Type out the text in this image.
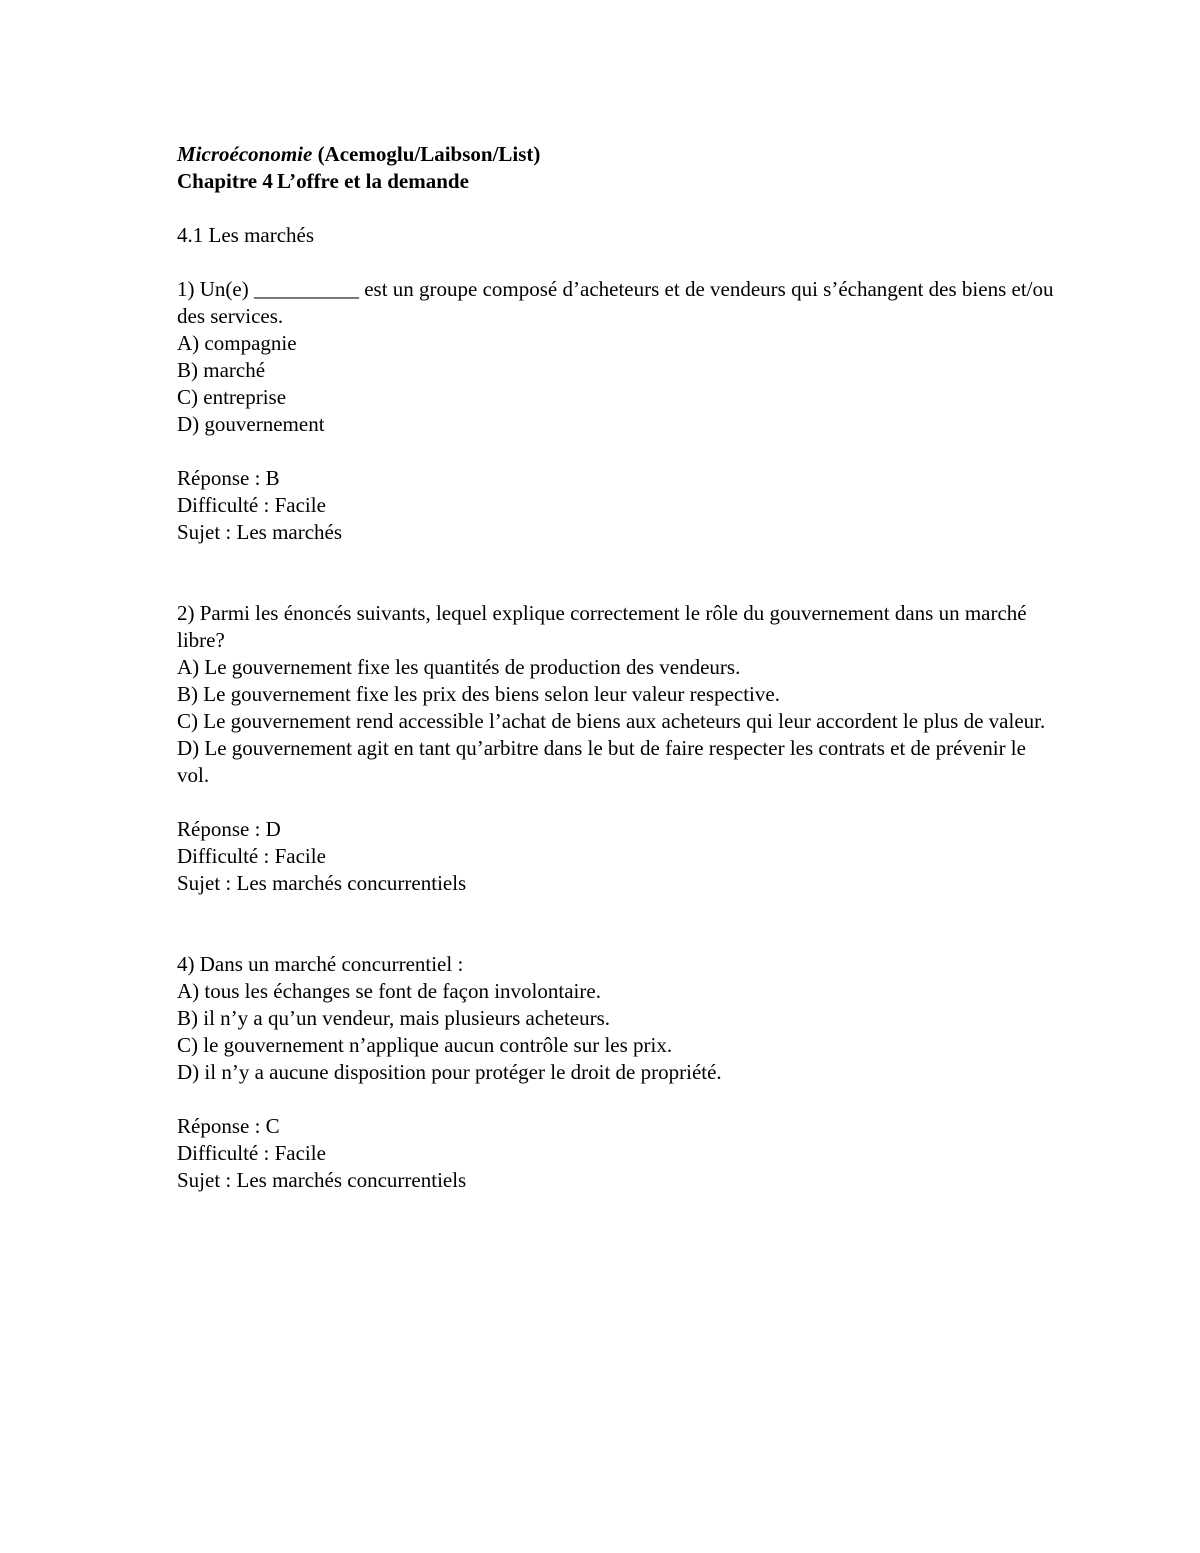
Microéconomie (Acemoglu/Laibson/List)
Chapitre 4 L’offre et la demande
4.1 Les marchés
1) Un(e) __________ est un groupe composé d’acheteurs et de vendeurs qui s’échangent des biens et/ou des services.
A) compagnie
B) marché
C) entreprise
D) gouvernement
Réponse : B
Difficulté : Facile
Sujet : Les marchés
2) Parmi les énoncés suivants, lequel explique correctement le rôle du gouvernement dans un marché libre?
A) Le gouvernement fixe les quantités de production des vendeurs.
B) Le gouvernement fixe les prix des biens selon leur valeur respective.
C) Le gouvernement rend accessible l’achat de biens aux acheteurs qui leur accordent le plus de valeur.
D) Le gouvernement agit en tant qu’arbitre dans le but de faire respecter les contrats et de prévenir le vol.
Réponse : D
Difficulté : Facile
Sujet : Les marchés concurrentiels
4) Dans un marché concurrentiel :
A) tous les échanges se font de façon involontaire.
B) il n’y a qu’un vendeur, mais plusieurs acheteurs.
C) le gouvernement n’applique aucun contrôle sur les prix.
D) il n’y a aucune disposition pour protéger le droit de propriété.
Réponse : C
Difficulté : Facile
Sujet : Les marchés concurrentiels
